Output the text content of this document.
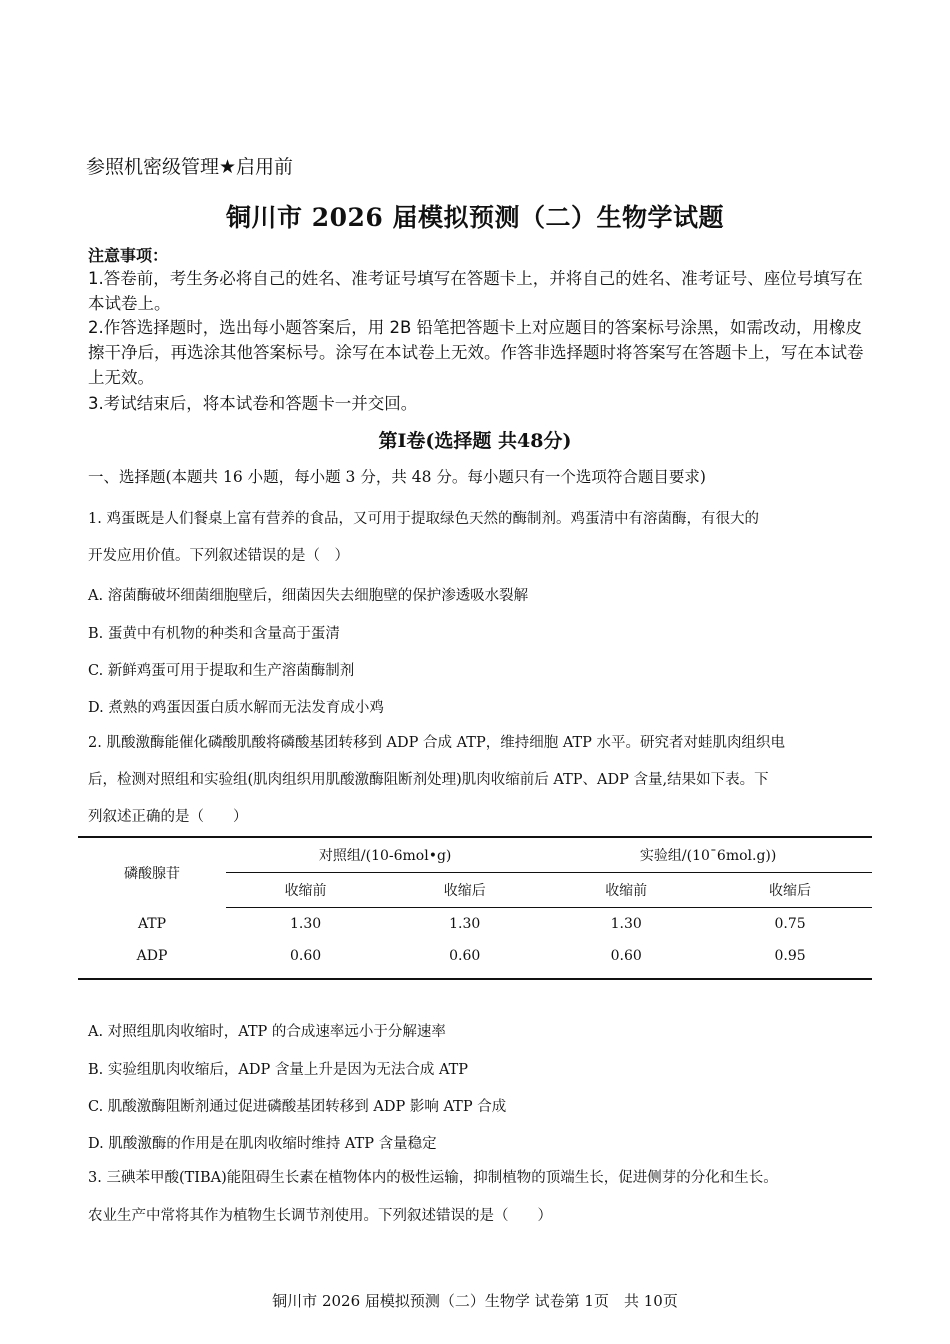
参照机密级管理★启用前
铜川市 2026 届模拟预测（二）生物学试题
注意事项：
1.答卷前，考生务必将自己的姓名、准考证号填写在答题卡上，并将自己的姓名、准考证号、座位号填写在本试卷上。
2.作答选择题时，选出每小题答案后，用 2B 铅笔把答题卡上对应题目的答案标号涂黑，如需改动，用橡皮擦干净后，再选涂其他答案标号。涂写在本试卷上无效。作答非选择题时将答案写在答题卡上，写在本试卷上无效。
3.考试结束后，将本试卷和答题卡一并交回。
第Ⅰ卷(选择题 共48分)
一、选择题(本题共 16 小题，每小题 3 分，共 48 分。每小题只有一个选项符合题目要求)
1. 鸡蛋既是人们餐桌上富有营养的食品，又可用于提取绿色天然的酶制剂。鸡蛋清中有溶菌酶，有很大的
开发应用价值。下列叙述错误的是（　）
A. 溶菌酶破坏细菌细胞壁后，细菌因失去细胞壁的保护渗透吸水裂解
B. 蛋黄中有机物的种类和含量高于蛋清
C. 新鲜鸡蛋可用于提取和生产溶菌酶制剂
D. 煮熟的鸡蛋因蛋白质水解而无法发育成小鸡
2. 肌酸激酶能催化磷酸肌酸将磷酸基团转移到 ADP 合成 ATP，维持细胞 ATP 水平。研究者对蛙肌肉组织电
后，检测对照组和实验组(肌肉组织用肌酸激酶阻断剂处理)肌肉收缩前后 ATP、ADP 含量,结果如下表。下
列叙述正确的是（　　）
磷酸腺苷	对照组/(10-6mol•g)		实验组/(10ˉ6mol.g))	
	收缩前	收缩后	收缩前	收缩后
ATP	1.30	1.30	1.30	0.75
ADP	0.60	0.60	0.60	0.95
A. 对照组肌肉收缩时，ATP 的合成速率远小于分解速率
B. 实验组肌肉收缩后，ADP 含量上升是因为无法合成 ATP
C. 肌酸激酶阻断剂通过促进磷酸基团转移到 ADP 影响 ATP 合成
D. 肌酸激酶的作用是在肌肉收缩时维持 ATP 含量稳定
3. 三碘苯甲酸(TIBA)能阻碍生长素在植物体内的极性运输，抑制植物的顶端生长，促进侧芽的分化和生长。
农业生产中常将其作为植物生长调节剂使用。下列叙述错误的是（　　）
铜川市 2026 届模拟预测（二）生物学 试卷第 1页　共 10页
